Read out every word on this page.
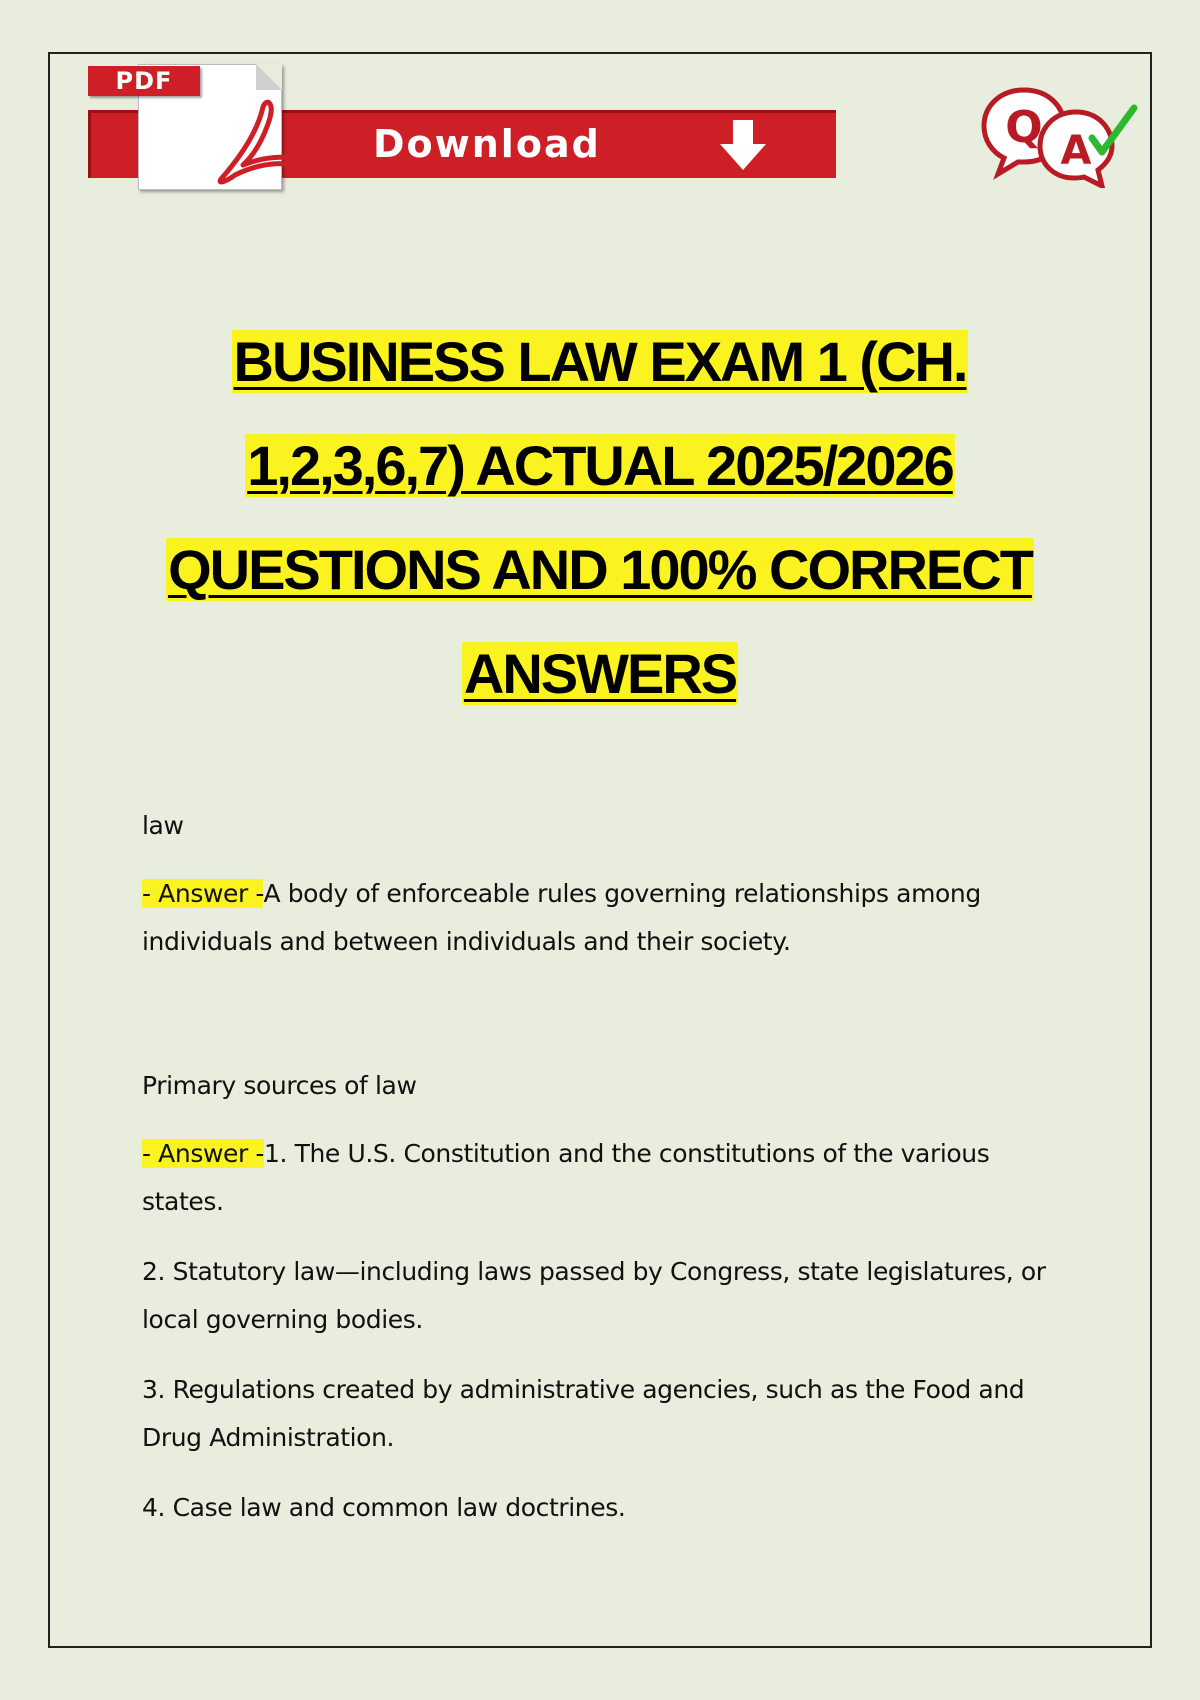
PDF
Download	Q A
BUSINESS LAW EXAM 1 (CH.
1,2,3,6,7) ACTUAL 2025/2026
QUESTIONS AND 100% CORRECT
ANSWERS

law

- Answer -A body of enforceable rules governing relationships among individuals and between individuals and their society.

Primary sources of law

- Answer -1. The U.S. Constitution and the constitutions of the various states.

2. Statutory law—including laws passed by Congress, state legislatures, or local governing bodies.

3. Regulations created by administrative agencies, such as the Food and Drug Administration.

4. Case law and common law doctrines.
